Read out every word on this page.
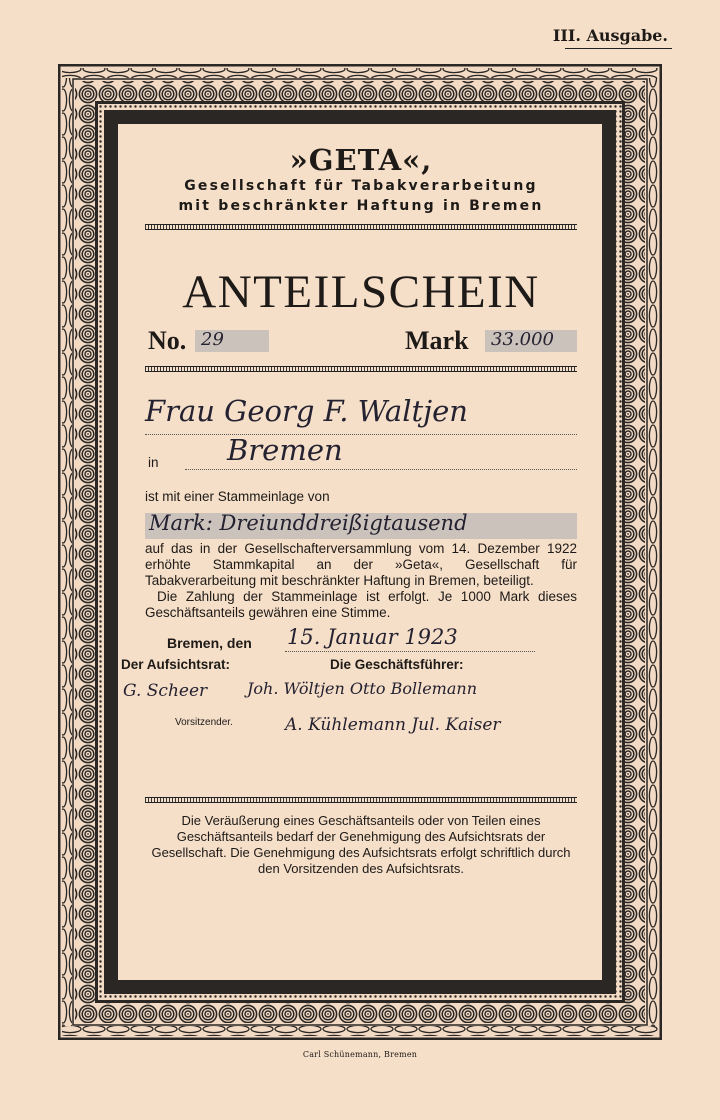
III. Ausgabe.
»GETA«,
Gesellschaft für Tabakverarbeitung
mit beschränkter Haftung in Bremen
ANTEILSCHEIN
No. 29	Mark 33.000
Frau Georg F. Waltjen
in Bremen
ist mit einer Stammeinlage von
Mark: Dreiunddreißigtausend
auf das in der Gesellschafterversammlung vom 14. Dezember 1922 erhöhte Stammkapital an der »Geta«, Gesellschaft für Tabakverarbeitung mit beschränkter Haftung in Bremen, beteiligt.
Die Zahlung der Stammeinlage ist erfolgt. Je 1000 Mark dieses Geschäftsanteils gewähren eine Stimme.
Bremen, den 15. Januar 1923
Der Aufsichtsrat:	Die Geschäftsführer:
G. Scheer Joh. Wöltjen Otto Bollemann
Vorsitzender.	A. Kühlemann Jul. Kaiser
Die Veräußerung eines Geschäftsanteils oder von Teilen eines Geschäftsanteils bedarf der Genehmigung des Aufsichtsrats der Gesellschaft. Die Genehmigung des Aufsichtsrats erfolgt schriftlich durch den Vorsitzenden des Aufsichtsrats.
Carl Schünemann, Bremen
